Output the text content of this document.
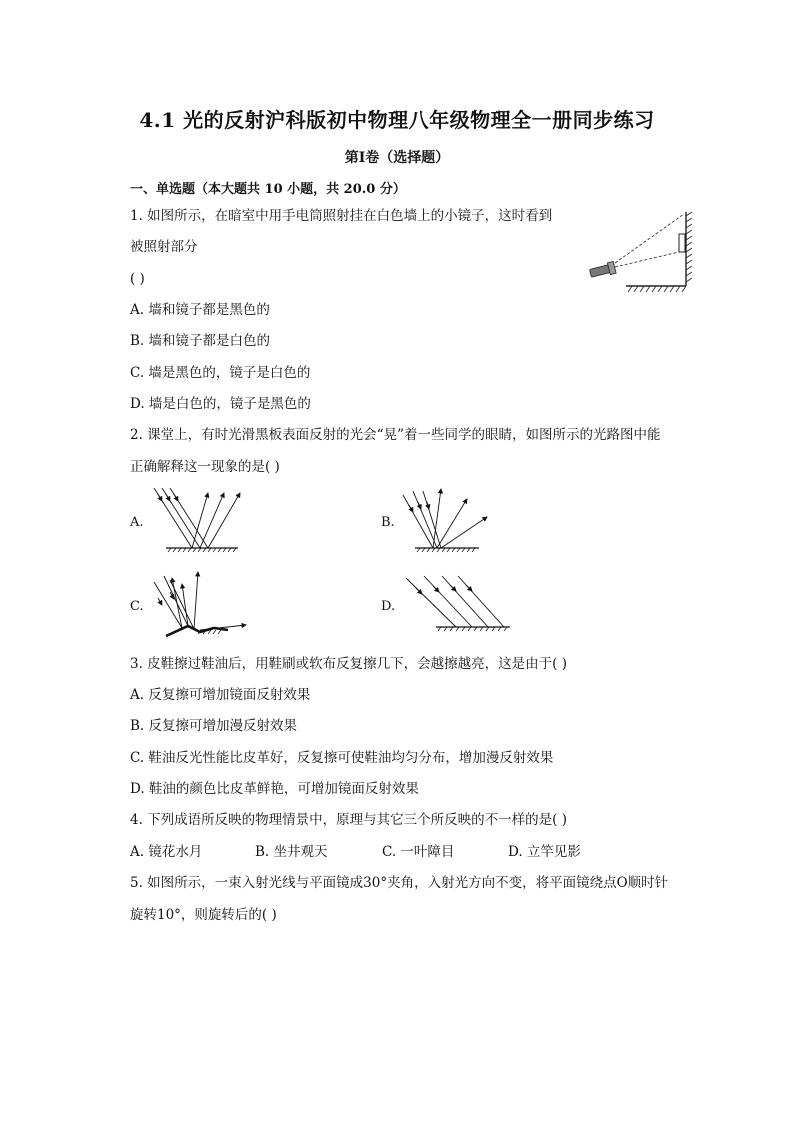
4.1 光的反射沪科版初中物理八年级物理全一册同步练习
第Ⅰ卷（选择题）
一、单选题（本大题共 10 小题，共 20.0 分）
1. 如图所示，在暗室中用手电筒照射挂在白色墙上的小镜子，这时看到
被照射部分
( )
A. 墙和镜子都是黑色的
B. 墙和镜子都是白色的
C. 墙是黑色的，镜子是白色的
D. 墙是白色的，镜子是黑色的
2. 课堂上，有时光滑黑板表面反射的光会“晃”着一些同学的眼睛，如图所示的光路图中能
正确解释这一现象的是( )
A.	B.
C.	D.
3. 皮鞋擦过鞋油后，用鞋刷或软布反复擦几下，会越擦越亮，这是由于( )
A. 反复擦可增加镜面反射效果
B. 反复擦可增加漫反射效果
C. 鞋油反光性能比皮革好，反复擦可使鞋油均匀分布，增加漫反射效果
D. 鞋油的颜色比皮革鲜艳，可增加镜面反射效果
4. 下列成语所反映的物理情景中，原理与其它三个所反映的不一样的是( )
A. 镜花水月	B. 坐井观天	C. 一叶障目	D. 立竿见影
5. 如图所示，一束入射光线与平面镜成30°夹角，入射光方向不变，将平面镜绕点O顺时针
旋转10°，则旋转后的( )
